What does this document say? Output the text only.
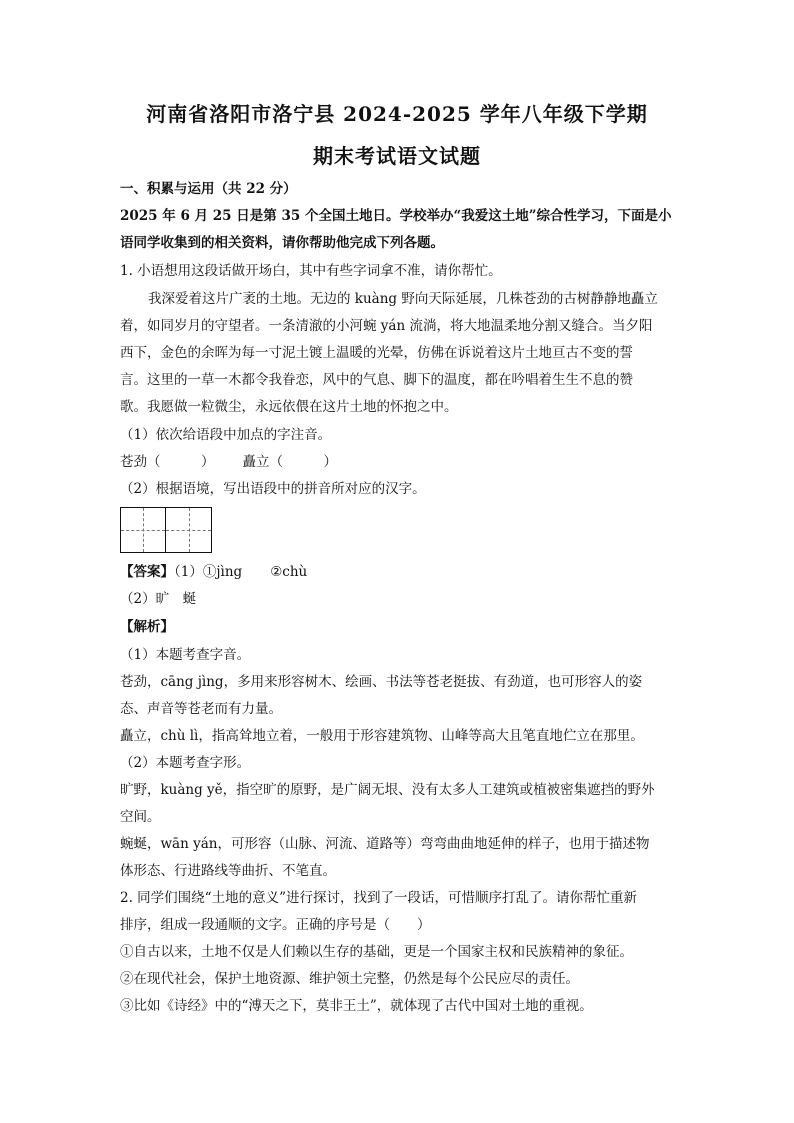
河南省洛阳市洛宁县 2024-2025 学年八年级下学期
期末考试语文试题
一、积累与运用（共 22 分）
2025 年 6 月 25 日是第 35 个全国土地日。学校举办“我爱这土地”综合性学习，下面是小
语同学收集到的相关资料，请你帮助他完成下列各题。
1. 小语想用这段话做开场白，其中有些字词拿不准，请你帮忙。
我深爱着这片广袤的土地。无边的 kuàng 野向天际延展，几株苍劲的古树静静地矗立
着，如同岁月的守望者。一条清澈的小河蜿 yán 流淌，将大地温柔地分割又缝合。当夕阳
西下，金色的余晖为每一寸泥土镀上温暖的光晕，仿佛在诉说着这片土地亘古不变的誓
言。这里的一草一木都令我眷恋，风中的气息、脚下的温度，都在吟唱着生生不息的赞
歌。我愿做一粒微尘，永远依偎在这片土地的怀抱之中。
（1）依次给语段中加点的字注音。
苍劲（　　　） 矗立（　　　）
（2）根据语境，写出语段中的拼音所对应的汉字。
【答案】（1）①jìng ②chù
（2）旷　蜒
【解析】
（1）本题考查字音。
苍劲，cāng jìng，多用来形容树木、绘画、书法等苍老挺拔、有劲道，也可形容人的姿
态、声音等苍老而有力量。
矗立，chù lì，指高耸地立着，一般用于形容建筑物、山峰等高大且笔直地伫立在那里。
（2）本题考查字形。
旷野，kuàng yě，指空旷的原野，是广阔无垠、没有太多人工建筑或植被密集遮挡的野外
空间。
蜿蜒，wān yán，可形容（山脉、河流、道路等）弯弯曲曲地延伸的样子，也用于描述物
体形态、行进路线等曲折、不笔直。
2. 同学们围绕“土地的意义”进行探讨，找到了一段话，可惜顺序打乱了。请你帮忙重新
排序，组成一段通顺的文字。正确的序号是（　　）
①自古以来，土地不仅是人们赖以生存的基础，更是一个国家主权和民族精神的象征。
②在现代社会，保护土地资源、维护领土完整，仍然是每个公民应尽的责任。
③比如《诗经》中的“溥天之下，莫非王土”，就体现了古代中国对土地的重视。
